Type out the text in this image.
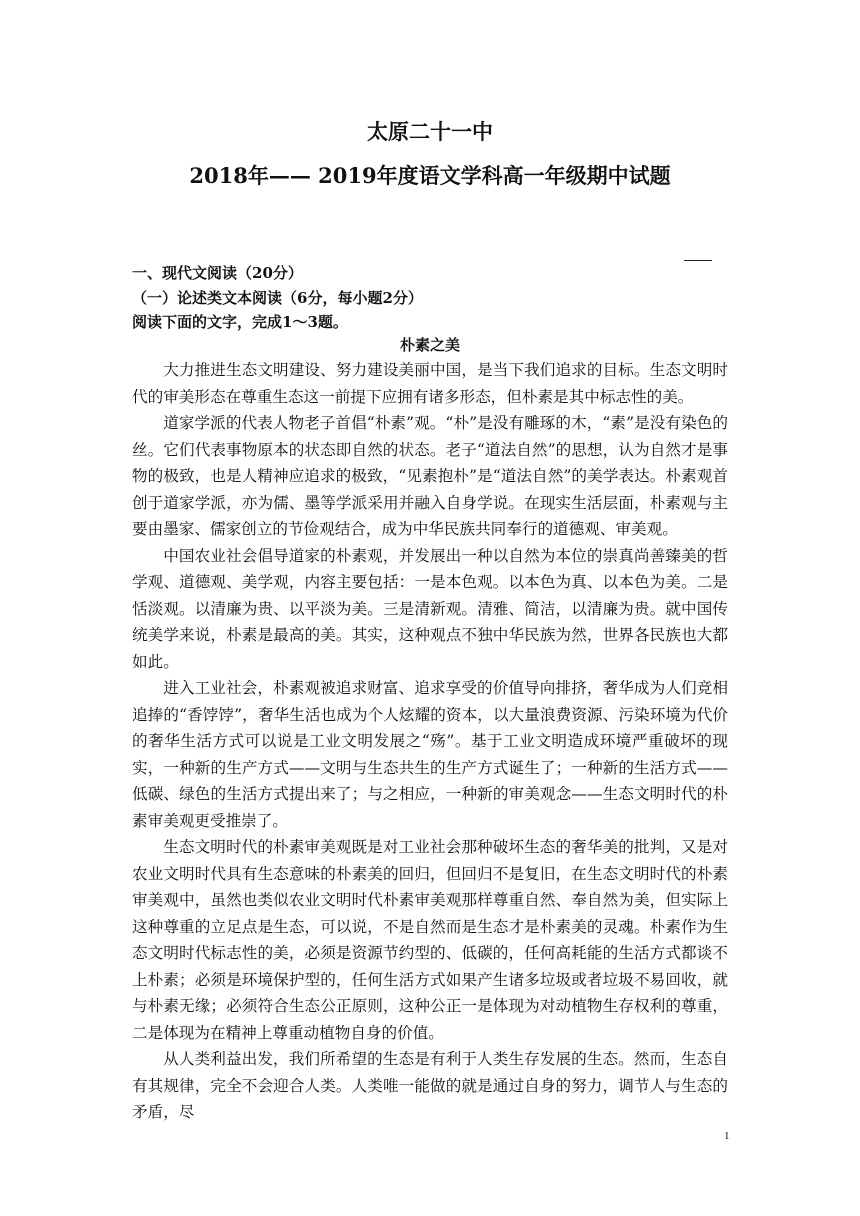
太原二十一中
2018年—— 2019年度语文学科高一年级期中试题
一、现代文阅读（20分）
（一）论述类文本阅读（6分，每小题2分）
阅读下面的文字，完成1～3题。
朴素之美

大力推进生态文明建设、努力建设美丽中国，是当下我们追求的目标。生态文明时代的审美形态在尊重生态这一前提下应拥有诸多形态，但朴素是其中标志性的美。

道家学派的代表人物老子首倡“朴素”观。“朴”是没有雕琢的木，“素”是没有染色的丝。它们代表事物原本的状态即自然的状态。老子“道法自然”的思想，认为自然才是事物的极致，也是人精神应追求的极致，“见素抱朴”是“道法自然”的美学表达。朴素观首创于道家学派，亦为儒、墨等学派采用并融入自身学说。在现实生活层面，朴素观与主要由墨家、儒家创立的节俭观结合，成为中华民族共同奉行的道德观、审美观。

中国农业社会倡导道家的朴素观，并发展出一种以自然为本位的崇真尚善臻美的哲学观、道德观、美学观，内容主要包括：一是本色观。以本色为真、以本色为美。二是恬淡观。以清廉为贵、以平淡为美。三是清新观。清雅、简洁，以清廉为贵。就中国传统美学来说，朴素是最高的美。其实，这种观点不独中华民族为然，世界各民族也大都如此。

进入工业社会，朴素观被追求财富、追求享受的价值导向排挤，奢华成为人们竞相追捧的“香饽饽”，奢华生活也成为个人炫耀的资本，以大量浪费资源、污染环境为代价的奢华生活方式可以说是工业文明发展之“殇”。基于工业文明造成环境严重破坏的现实，一种新的生产方式——文明与生态共生的生产方式诞生了；一种新的生活方式——低碳、绿色的生活方式提出来了；与之相应，一种新的审美观念——生态文明时代的朴素审美观更受推崇了。

生态文明时代的朴素审美观既是对工业社会那种破坏生态的奢华美的批判，又是对农业文明时代具有生态意味的朴素美的回归，但回归不是复旧，在生态文明时代的朴素审美观中，虽然也类似农业文明时代朴素审美观那样尊重自然、奉自然为美，但实际上这种尊重的立足点是生态，可以说，不是自然而是生态才是朴素美的灵魂。朴素作为生态文明时代标志性的美，必须是资源节约型的、低碳的，任何高耗能的生活方式都谈不上朴素；必须是环境保护型的，任何生活方式如果产生诸多垃圾或者垃圾不易回收，就与朴素无缘；必须符合生态公正原则，这种公正一是体现为对动植物生存权利的尊重，二是体现为在精神上尊重动植物自身的价值。

从人类利益出发，我们所希望的生态是有利于人类生存发展的生态。然而，生态自有其规律，完全不会迎合人类。人类唯一能做的就是通过自身的努力，调节人与生态的矛盾，尽

1
